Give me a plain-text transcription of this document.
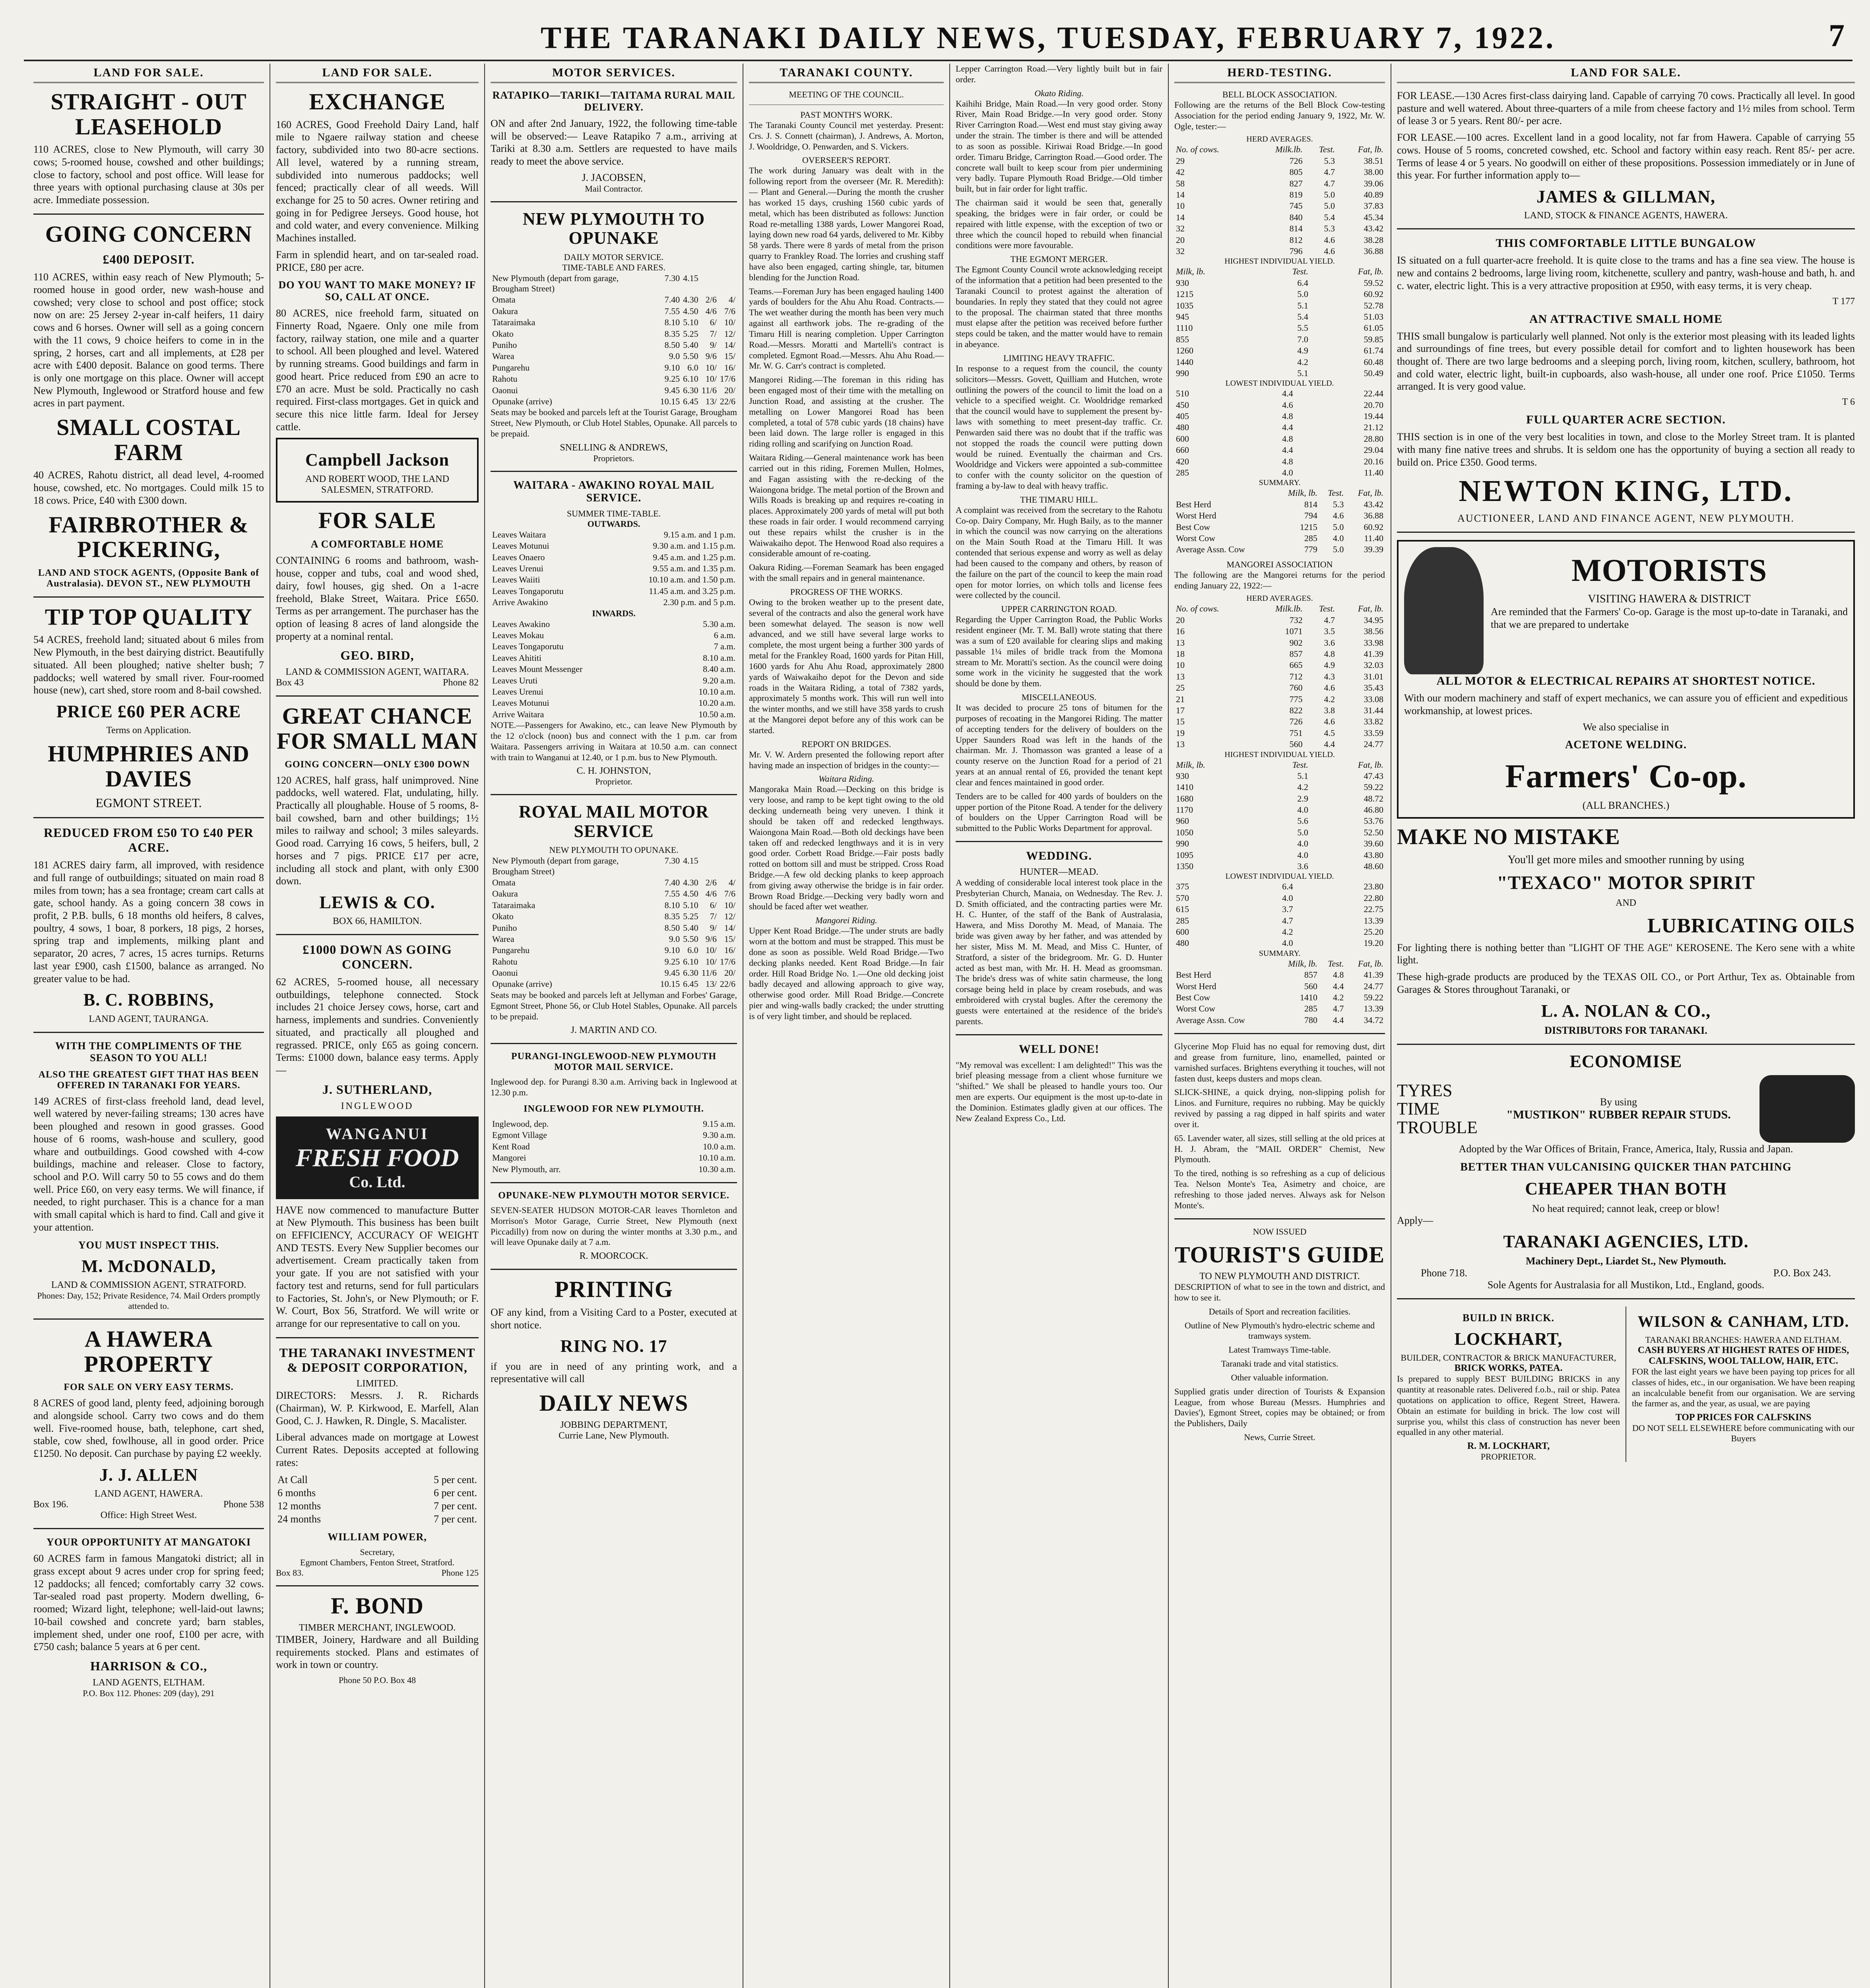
THE TARANAKI DAILY NEWS, TUESDAY, FEBRUARY 7, 1922.	7
LAND FOR SALE.
STRAIGHT - OUT LEASEHOLD

110 ACRES, close to New Plymouth, will carry 30 cows; 5-roomed house, cowshed and other buildings; close to factory, school and post office. Will lease for three years with optional purchasing clause at 30s per acre. Immediate possession.

GOING CONCERN
£400 DEPOSIT.

110 ACRES, within easy reach of New Plymouth; 5-roomed house in good order, new wash-house and cowshed; very close to school and post office; stock now on are: 25 Jersey 2-year in-calf heifers, 11 dairy cows and 6 horses. Owner will sell as a going concern with the 11 cows, 9 choice heifers to come in in the spring, 2 horses, cart and all implements, at £28 per acre with £400 deposit. Balance on good terms. There is only one mortgage on this place. Owner will accept New Plymouth, Inglewood or Stratford house and few acres in part payment.

SMALL COSTAL FARM

40 ACRES, Rahotu district, all dead level, 4-roomed house, cowshed, etc. No mortgages. Could milk 15 to 18 cows. Price, £40 with £300 down.

FAIRBROTHER & PICKERING,
LAND AND STOCK AGENTS, (Opposite Bank of Australasia). DEVON ST., NEW PLYMOUTH
TIP TOP QUALITY

54 ACRES, freehold land; situated about 6 miles from New Plymouth, in the best dairying district. Beautifully situated. All been ploughed; native shelter bush; 7 paddocks; well watered by small river. Four-roomed house (new), cart shed, store room and 8-bail cowshed.

PRICE £60 PER ACRE
Terms on Application.
HUMPHRIES AND DAVIES
EGMONT STREET.
REDUCED FROM £50 TO £40 PER ACRE.

181 ACRES dairy farm, all improved, with residence and full range of outbuildings; situated on main road 8 miles from town; has a sea frontage; cream cart calls at gate, school handy. As a going concern 38 cows in profit, 2 P.B. bulls, 6 18 months old heifers, 8 calves, poultry, 4 sows, 1 boar, 8 porkers, 18 pigs, 2 horses, spring trap and implements, milking plant and separator, 20 acres, 7 acres, 15 acres turnips. Returns last year £900, cash £1500, balance as arranged. No greater value to be had.

B. C. ROBBINS,
LAND AGENT, TAURANGA.
WITH THE COMPLIMENTS OF THE SEASON TO YOU ALL!
ALSO THE GREATEST GIFT THAT HAS BEEN OFFERED IN TARANAKI FOR YEARS.

149 ACRES of first-class freehold land, dead level, well watered by never-failing streams; 130 acres have been ploughed and resown in good grasses. Good house of 6 rooms, wash-house and scullery, good whare and outbuildings. Good cowshed with 4-cow buildings, machine and releaser. Close to factory, school and P.O. Will carry 50 to 55 cows and do them well. Price £60, on very easy terms. We will finance, if needed, to right purchaser. This is a chance for a man with small capital which is hard to find. Call and give it your attention.

YOU MUST INSPECT THIS.
M. McDONALD,
LAND & COMMISSION AGENT, STRATFORD.
Phones: Day, 152; Private Residence, 74. Mail Orders promptly attended to.
A HAWERA PROPERTY
FOR SALE ON VERY EASY TERMS.

8 ACRES of good land, plenty feed, adjoining borough and alongside school. Carry two cows and do them well. Five-roomed house, bath, telephone, cart shed, stable, cow shed, fowlhouse, all in good order. Price £1250. No deposit. Can purchase by paying £2 weekly.

J. J. ALLEN
LAND AGENT, HAWERA.
Box 196.	Phone 538
Office: High Street West.
YOUR OPPORTUNITY AT MANGATOKI

60 ACRES farm in famous Mangatoki district; all in grass except about 9 acres under crop for spring feed; 12 paddocks; all fenced; comfortably carry 32 cows. Tar-sealed road past property. Modern dwelling, 6-roomed; Wizard light, telephone; well-laid-out lawns; 10-bail cowshed and concrete yard; barn stables, implement shed, under one roof, £100 per acre, with £750 cash; balance 5 years at 6 per cent.

HARRISON & CO.,
LAND AGENTS, ELTHAM.
P.O. Box 112. Phones: 209 (day), 291
LAND FOR SALE.
EXCHANGE

160 ACRES, Good Freehold Dairy Land, half mile to Ngaere railway station and cheese factory, subdivided into two 80-acre sections. All level, watered by a running stream, subdivided into numerous paddocks; well fenced; practically clear of all weeds. Will exchange for 25 to 50 acres. Owner retiring and going in for Pedigree Jerseys. Good house, hot and cold water, and every convenience. Milking Machines installed.

Farm in splendid heart, and on tar-sealed road. PRICE, £80 per acre.

DO YOU WANT TO MAKE MONEY? IF SO, CALL AT ONCE.

80 ACRES, nice freehold farm, situated on Finnerty Road, Ngaere. Only one mile from factory, railway station, one mile and a quarter to school. All been ploughed and level. Watered by running streams. Good buildings and farm in good heart. Price reduced from £90 an acre to £70 an acre. Must be sold. Practically no cash required. First-class mortgages. Get in quick and secure this nice little farm. Ideal for Jersey cattle.

Campbell Jackson
AND ROBERT WOOD, THE LAND SALESMEN, STRATFORD.
FOR SALE
A COMFORTABLE HOME

CONTAINING 6 rooms and bathroom, wash-house, copper and tubs, coal and wood shed, dairy, fowl houses, gig shed. On a 1-acre freehold, Blake Street, Waitara. Price £650. Terms as per arrangement. The purchaser has the option of leasing 8 acres of land alongside the property at a nominal rental.

GEO. BIRD,
LAND & COMMISSION AGENT, WAITARA.
Box 43	Phone 82
GREAT CHANCE FOR SMALL MAN
GOING CONCERN—ONLY £300 DOWN

120 ACRES, half grass, half unimproved. Nine paddocks, well watered. Flat, undulating, hilly. Practically all ploughable. House of 5 rooms, 8-bail cowshed, barn and other buildings; 1½ miles to railway and school; 3 miles saleyards. Good road. Carrying 16 cows, 5 heifers, bull, 2 horses and 7 pigs. PRICE £17 per acre, including all stock and plant, with only £300 down.

LEWIS & CO.
BOX 66, HAMILTON.
£1000 DOWN AS GOING CONCERN.

62 ACRES, 5-roomed house, all necessary outbuildings, telephone connected. Stock includes 21 choice Jersey cows, horse, cart and harness, implements and sundries. Conveniently situated, and practically all ploughed and regrassed. PRICE, only £65 as going concern. Terms: £1000 down, balance easy terms. Apply—

J. SUTHERLAND,
INGLEWOOD
WANGANUI
FRESH FOOD
Co. Ltd.

HAVE now commenced to manufacture Butter at New Plymouth. This business has been built on EFFICIENCY, ACCURACY OF WEIGHT AND TESTS. Every New Supplier becomes our advertisement. Cream practically taken from your gate. If you are not satisfied with your factory test and returns, send for full particulars to Factories, St. John's, or New Plymouth; or F. W. Court, Box 56, Stratford. We will write or arrange for our representative to call on you.

THE TARANAKI INVESTMENT & DEPOSIT CORPORATION,
LIMITED.

DIRECTORS: Messrs. J. R. Richards (Chairman), W. P. Kirkwood, E. Marfell, Alan Good, C. J. Hawken, R. Dingle, S. Macalister.

Liberal advances made on mortgage at Lowest Current Rates. Deposits accepted at following rates:

At Call	5 per cent.
6 months	6 per cent.
12 months	7 per cent.
24 months	7 per cent.
WILLIAM POWER,
Secretary,
Egmont Chambers, Fenton Street, Stratford.
Box 83.	Phone 125
F. BOND
TIMBER MERCHANT, INGLEWOOD.

TIMBER, Joinery, Hardware and all Building requirements stocked. Plans and estimates of work in town or country.

Phone 50 P.O. Box 48
MOTOR SERVICES.
RATAPIKO—TARIKI—TAITAMA RURAL MAIL DELIVERY.

ON and after 2nd January, 1922, the following time-table will be observed:— Leave Ratapiko 7 a.m., arriving at Tariki at 8.30 a.m. Settlers are requested to have mails ready to meet the above service.

J. JACOBSEN,
Mail Contractor.
NEW PLYMOUTH TO OPUNAKE
DAILY MOTOR SERVICE.
TIME-TABLE AND FARES.
New Plymouth (depart from garage, Brougham Street)	7.30	4.15		
Omata	7.40	4.30	2/6	4/
Oakura	7.55	4.50	4/6	7/6
Tataraimaka	8.10	5.10	6/	10/
Okato	8.35	5.25	7/	12/
Puniho	8.50	5.40	9/	14/
Warea	9.0	5.50	9/6	15/
Pungarehu	9.10	6.0	10/	16/
Rahotu	9.25	6.10	10/	17/6
Oaonui	9.45	6.30	11/6	20/
Opunake (arrive)	10.15	6.45	13/	22/6

Seats may be booked and parcels left at the Tourist Garage, Brougham Street, New Plymouth, or Club Hotel Stables, Opunake. All parcels to be prepaid.

SNELLING & ANDREWS,
Proprietors.
WAITARA - AWAKINO ROYAL MAIL SERVICE.
SUMMER TIME-TABLE.
OUTWARDS.
Leaves Waitara	9.15 a.m. and 1 p.m.
Leaves Motunui	9.30 a.m. and 1.15 p.m.
Leaves Onaero	9.45 a.m. and 1.25 p.m.
Leaves Urenui	9.55 a.m. and 1.35 p.m.
Leaves Waiiti	10.10 a.m. and 1.50 p.m.
Leaves Tongaporutu	11.45 a.m. and 3.25 p.m.
Arrive Awakino	2.30 p.m. and 5 p.m.
INWARDS.
Leaves Awakino	5.30 a.m.
Leaves Mokau	6 a.m.
Leaves Tongaporutu	7 a.m.
Leaves Ahititi	8.10 a.m.
Leaves Mount Messenger	8.40 a.m.
Leaves Uruti	9.20 a.m.
Leaves Urenui	10.10 a.m.
Leaves Motunui	10.20 a.m.
Arrive Waitara	10.50 a.m.

NOTE.—Passengers for Awakino, etc., can leave New Plymouth by the 12 o'clock (noon) bus and connect with the 1 p.m. car from Waitara. Passengers arriving in Waitara at 10.50 a.m. can connect with train to Wanganui at 12.40, or 1 p.m. bus to New Plymouth.

C. H. JOHNSTON,
Proprietor.
ROYAL MAIL MOTOR SERVICE
NEW PLYMOUTH TO OPUNAKE.
New Plymouth (depart from garage, Brougham Street)	7.30	4.15		
Omata	7.40	4.30	2/6	4/
Oakura	7.55	4.50	4/6	7/6
Tataraimaka	8.10	5.10	6/	10/
Okato	8.35	5.25	7/	12/
Puniho	8.50	5.40	9/	14/
Warea	9.0	5.50	9/6	15/
Pungarehu	9.10	6.0	10/	16/
Rahotu	9.25	6.10	10/	17/6
Oaonui	9.45	6.30	11/6	20/
Opunake (arrive)	10.15	6.45	13/	22/6

Seats may be booked and parcels left at Jellyman and Forbes' Garage, Egmont Street, Phone 56, or Club Hotel Stables, Opunake. All parcels to be prepaid.

J. MARTIN AND CO.
PURANGI-INGLEWOOD-NEW PLYMOUTH MOTOR MAIL SERVICE.

Inglewood dep. for Purangi 8.30 a.m. Arriving back in Inglewood at 12.30 p.m.

INGLEWOOD FOR NEW PLYMOUTH.
Inglewood, dep.	9.15 a.m.
Egmont Village	9.30 a.m.
Kent Road	10.0 a.m.
Mangorei	10.10 a.m.
New Plymouth, arr.	10.30 a.m.
OPUNAKE-NEW PLYMOUTH MOTOR SERVICE.

SEVEN-SEATER HUDSON MOTOR-CAR leaves Thornleton and Morrison's Motor Garage, Currie Street, New Plymouth (next Piccadilly) from now on during the winter months at 3.30 p.m., and will leave Opunake daily at 7 a.m.

R. MOORCOCK.
PRINTING

OF any kind, from a Visiting Card to a Poster, executed at short notice.

RING NO. 17

if you are in need of any printing work, and a representative will call

DAILY NEWS
JOBBING DEPARTMENT,
Currie Lane, New Plymouth.
TARANAKI COUNTY.
MEETING OF THE COUNCIL.
PAST MONTH'S WORK.

The Taranaki County Council met yesterday. Present: Crs. J. S. Connett (chairman), J. Andrews, A. Morton, J. Wooldridge, O. Penwarden, and S. Vickers.

OVERSEER'S REPORT.

The work during January was dealt with in the following report from the overseer (Mr. R. Meredith):— Plant and General.—During the month the crusher has worked 15 days, crushing 1560 cubic yards of metal, which has been distributed as follows: Junction Road re-metalling 1388 yards, Lower Mangorei Road, laying down new road 64 yards, delivered to Mr. Kibby 58 yards. There were 8 yards of metal from the prison quarry to Frankley Road. The lorries and crushing staff have also been engaged, carting shingle, tar, bitumen blending for the Junction Road.

Teams.—Foreman Jury has been engaged hauling 1400 yards of boulders for the Ahu Ahu Road. Contracts.—The wet weather during the month has been very much against all earthwork jobs. The re-grading of the Timaru Hill is nearing completion. Upper Carrington Road.—Messrs. Moratti and Martelli's contract is completed. Egmont Road.—Messrs. Ahu Ahu Road.—Mr. W. G. Carr's contract is completed.

Mangorei Riding.—The foreman in this riding has been engaged most of their time with the metalling on Junction Road, and assisting at the crusher. The metalling on Lower Mangorei Road has been completed, a total of 578 cubic yards (18 chains) have been laid down. The large roller is engaged in this riding rolling and scarifying on Junction Road.

Waitara Riding.—General maintenance work has been carried out in this riding, Foremen Mullen, Holmes, and Fagan assisting with the re-decking of the Waiongona bridge. The metal portion of the Brown and Wills Roads is breaking up and requires re-coating in places. Approximately 200 yards of metal will put both these roads in fair order. I would recommend carrying out these repairs whilst the crusher is in the Waiwakaiho depot. The Henwood Road also requires a considerable amount of re-coating.

Oakura Riding.—Foreman Seamark has been engaged with the small repairs and in general maintenance.

PROGRESS OF THE WORKS.

Owing to the broken weather up to the present date, several of the contracts and also the general work have been somewhat delayed. The season is now well advanced, and we still have several large works to complete, the most urgent being a further 300 yards of metal for the Frankley Road, 1600 yards for Pitan Hill, 1600 yards for Ahu Ahu Road, approximately 2800 yards of Waiwakaiho depot for the Devon and side roads in the Waitara Riding, a total of 7382 yards, approximately 5 months work. This will run well into the winter months, and we still have 358 yards to crush at the Mangorei depot before any of this work can be started.

REPORT ON BRIDGES.

Mr. V. W. Ardern presented the following report after having made an inspection of bridges in the county:—

Waitara Riding.

Mangoraka Main Road.—Decking on this bridge is very loose, and ramp to be kept tight owing to the old decking underneath being very uneven. I think it should be taken off and redecked lengthways. Waiongona Main Road.—Both old deckings have been taken off and redecked lengthways and it is in very good order. Corbett Road Bridge.—Fair posts badly rotted on bottom sill and must be stripped. Cross Road Bridge.—A few old decking planks to keep approach from giving away otherwise the bridge is in fair order. Brown Road Bridge.—Decking very badly worn and should be faced after wet weather.

Mangorei Riding.

Upper Kent Road Bridge.—The under struts are badly worn at the bottom and must be strapped. This must be done as soon as possible. Weld Road Bridge.—Two decking planks needed. Kent Road Bridge.—In fair order. Hill Road Bridge No. 1.—One old decking joist badly decayed and allowing approach to give way, otherwise good order. Mill Road Bridge.—Concrete pier and wing-walls badly cracked; the under strutting is of very light timber, and should be replaced.

Lepper Carrington Road.—Very lightly built but in fair order.

Okato Riding.

Kaihihi Bridge, Main Road.—In very good order. Stony River, Main Road Bridge.—In very good order. Stony River Carrington Road.—West end must stay giving away under the strain. The timber is there and will be attended to as soon as possible. Kiriwai Road Bridge.—In good order. Timaru Bridge, Carrington Road.—Good order. The concrete wall built to keep scour from pier undermining very badly. Tupare Plymouth Road Bridge.—Old timber built, but in fair order for light traffic.

The chairman said it would be seen that, generally speaking, the bridges were in fair order, or could be repaired with little expense, with the exception of two or three which the council hoped to rebuild when financial conditions were more favourable.

THE EGMONT MERGER.

The Egmont County Council wrote acknowledging receipt of the information that a petition had been presented to the Taranaki Council to protest against the alteration of boundaries. In reply they stated that they could not agree to the proposal. The chairman stated that three months must elapse after the petition was received before further steps could be taken, and the matter would have to remain in abeyance.

LIMITING HEAVY TRAFFIC.

In response to a request from the council, the county solicitors—Messrs. Govett, Quilliam and Hutchen, wrote outlining the powers of the council to limit the load on a vehicle to a specified weight. Cr. Wooldridge remarked that the council would have to supplement the present by-laws with something to meet present-day traffic. Cr. Penwarden said there was no doubt that if the traffic was not stopped the roads the council were putting down would be ruined. Eventually the chairman and Crs. Wooldridge and Vickers were appointed a sub-committee to confer with the county solicitor on the question of framing a by-law to deal with heavy traffic.

THE TIMARU HILL.

A complaint was received from the secretary to the Rahotu Co-op. Dairy Company, Mr. Hugh Baily, as to the manner in which the council was now carrying on the alterations on the Main South Road at the Timaru Hill. It was contended that serious expense and worry as well as delay had been caused to the company and others, by reason of the failure on the part of the council to keep the main road open for motor lorries, on which tolls and license fees were collected by the council.

UPPER CARRINGTON ROAD.

Regarding the Upper Carrington Road, the Public Works resident engineer (Mr. T. M. Ball) wrote stating that there was a sum of £20 available for clearing slips and making passable 1¼ miles of bridle track from the Momona stream to Mr. Moratti's section. As the council were doing some work in the vicinity he suggested that the work should be done by them.

MISCELLANEOUS.

It was decided to procure 25 tons of bitumen for the purposes of recoating in the Mangorei Riding. The matter of accepting tenders for the delivery of boulders on the Upper Saunders Road was left in the hands of the chairman. Mr. J. Thomasson was granted a lease of a county reserve on the Junction Road for a period of 21 years at an annual rental of £6, provided the tenant kept clear and fences maintained in good order.

Tenders are to be called for 400 yards of boulders on the upper portion of the Pitone Road. A tender for the delivery of boulders on the Upper Carrington Road will be submitted to the Public Works Department for approval.

WEDDING.
HUNTER—MEAD.

A wedding of considerable local interest took place in the Presbyterian Church, Manaia, on Wednesday. The Rev. J. D. Smith officiated, and the contracting parties were Mr. H. C. Hunter, of the staff of the Bank of Australasia, Hawera, and Miss Dorothy M. Mead, of Manaia. The bride was given away by her father, and was attended by her sister, Miss M. M. Mead, and Miss C. Hunter, of Stratford, a sister of the bridegroom. Mr. G. D. Hunter acted as best man, with Mr. H. H. Mead as groomsman. The bride's dress was of white satin charmeuse, the long corsage being held in place by cream rosebuds, and was embroidered with crystal bugles. After the ceremony the guests were entertained at the residence of the bride's parents.

WELL DONE!

"My removal was excellent: I am delighted!" This was the brief pleasing message from a client whose furniture we "shifted." We shall be pleased to handle yours too. Our men are experts. Our equipment is the most up-to-date in the Dominion. Estimates gladly given at our offices. The New Zealand Express Co., Ltd.

HERD-TESTING.
BELL BLOCK ASSOCIATION.

Following are the returns of the Bell Block Cow-testing Association for the period ending January 9, 1922, Mr. W. Ogle, tester:—

HERD AVERAGES.
No. of cows.	Milk.lb.	Test.	Fat, lb.
29	726	5.3	38.51
42	805	4.7	38.00
58	827	4.7	39.06
14	819	5.0	40.89
10	745	5.0	37.83
14	840	5.4	45.34
32	814	5.3	43.42
20	812	4.6	38.28
32	796	4.6	36.88
HIGHEST INDIVIDUAL YIELD.
Milk, lb.	Test.	Fat, lb.
930	6.4	59.52
1215	5.0	60.92
1035	5.1	52.78
945	5.4	51.03
1110	5.5	61.05
855	7.0	59.85
1260	4.9	61.74
1440	4.2	60.48
990	5.1	50.49
LOWEST INDIVIDUAL YIELD.
510	4.4	22.44
450	4.6	20.70
405	4.8	19.44
480	4.4	21.12
600	4.8	28.80
660	4.4	29.04
420	4.8	20.16
285	4.0	11.40
SUMMARY.
	Milk, lb.	Test.	Fat, lb.
Best Herd	814	5.3	43.42
Worst Herd	794	4.6	36.88
Best Cow	1215	5.0	60.92
Worst Cow	285	4.0	11.40
Average Assn. Cow	779	5.0	39.39
MANGOREI ASSOCIATION

The following are the Mangorei returns for the period ending January 22, 1922:—

HERD AVERAGES.
No. of cows.	Milk.lb.	Test.	Fat, lb.
20	732	4.7	34.95
16	1071	3.5	38.56
13	902	3.6	33.98
18	857	4.8	41.39
10	665	4.9	32.03
13	712	4.3	31.01
25	760	4.6	35.43
21	775	4.2	33.08
17	822	3.8	31.44
15	726	4.6	33.82
19	751	4.5	33.59
13	560	4.4	24.77
HIGHEST INDIVIDUAL YIELD.
Milk, lb.	Test.	Fat, lb.
930	5.1	47.43
1410	4.2	59.22
1680	2.9	48.72
1170	4.0	46.80
960	5.6	53.76
1050	5.0	52.50
990	4.0	39.60
1095	4.0	43.80
1350	3.6	48.60
LOWEST INDIVIDUAL YIELD.
375	6.4	23.80
570	4.0	22.80
615	3.7	22.75
285	4.7	13.39
600	4.2	25.20
480	4.0	19.20
SUMMARY.
	Milk, lb.	Test.	Fat, lb.
Best Herd	857	4.8	41.39
Worst Herd	560	4.4	24.77
Best Cow	1410	4.2	59.22
Worst Cow	285	4.7	13.39
Average Assn. Cow	780	4.4	34.72

Glycerine Mop Fluid has no equal for removing dust, dirt and grease from furniture, lino, enamelled, painted or varnished surfaces. Brightens everything it touches, will not fasten dust, keeps dusters and mops clean.

SLICK-SHINE, a quick drying, non-slipping polish for Linos. and Furniture, requires no rubbing. May be quickly revived by passing a rag dipped in half spirits and water over it.

65. Lavender water, all sizes, still selling at the old prices at H. J. Abram, the "MAIL ORDER" Chemist, New Plymouth.

To the tired, nothing is so refreshing as a cup of delicious Tea. Nelson Monte's Tea, Asimetry and choice, are refreshing to those jaded nerves. Always ask for Nelson Monte's.

NOW ISSUED
TOURIST'S GUIDE
TO NEW PLYMOUTH AND DISTRICT.

DESCRIPTION of what to see in the town and district, and how to see it.

Details of Sport and recreation facilities.

Outline of New Plymouth's hydro-electric scheme and tramways system.

Latest Tramways Time-table.

Taranaki trade and vital statistics.

Other valuable information.

Supplied gratis under direction of Tourists & Expansion League, from whose Bureau (Messrs. Humphries and Davies'), Egmont Street, copies may be obtained; or from the Publishers, Daily

News, Currie Street.
LAND FOR SALE.

FOR LEASE.—130 Acres first-class dairying land. Capable of carrying 70 cows. Practically all level. In good pasture and well watered. About three-quarters of a mile from cheese factory and 1½ miles from school. Term of lease 3 or 5 years. Rent 80/- per acre.

FOR LEASE.—100 acres. Excellent land in a good locality, not far from Hawera. Capable of carrying 55 cows. House of 5 rooms, concreted cowshed, etc. School and factory within easy reach. Rent 85/- per acre. Terms of lease 4 or 5 years. No goodwill on either of these propositions. Possession immediately or in June of this year. For further information apply to—

JAMES & GILLMAN,
LAND, STOCK & FINANCE AGENTS, HAWERA.
THIS COMFORTABLE LITTLE BUNGALOW

IS situated on a full quarter-acre freehold. It is quite close to the trams and has a fine sea view. The house is new and contains 2 bedrooms, large living room, kitchenette, scullery and pantry, wash-house and bath, h. and c. water, electric light. This is a very attractive proposition at £950, with easy terms, it is very cheap.

T 177
AN ATTRACTIVE SMALL HOME

THIS small bungalow is particularly well planned. Not only is the exterior most pleasing with its leaded lights and surroundings of fine trees, but every possible detail for comfort and to lighten housework has been thought of. There are two large bedrooms and a sleeping porch, living room, kitchen, scullery, bathroom, hot and cold water, electric light, built-in cupboards, also wash-house, all under one roof. Price £1050. Terms arranged. It is very good value.

T 6
FULL QUARTER ACRE SECTION.

THIS section is in one of the very best localities in town, and close to the Morley Street tram. It is planted with many fine native trees and shrubs. It is seldom one has the opportunity of buying a section all ready to build on. Price £350. Good terms.

NEWTON KING, LTD.
AUCTIONEER, LAND AND FINANCE AGENT, NEW PLYMOUTH.
MOTORISTS
VISITING HAWERA & DISTRICT

Are reminded that the Farmers' Co-op. Garage is the most up-to-date in Taranaki, and that we are prepared to undertake

ALL MOTOR & ELECTRICAL REPAIRS AT SHORTEST NOTICE.

With our modern machinery and staff of expert mechanics, we can assure you of efficient and expeditious workmanship, at lowest prices.

We also specialise in
ACETONE WELDING.
Farmers' Co-op.
(ALL BRANCHES.)
MAKE NO MISTAKE
You'll get more miles and smoother running by using
"TEXACO" MOTOR SPIRIT
AND
LUBRICATING OILS

For lighting there is nothing better than "LIGHT OF THE AGE" KEROSENE. The Kero sene with a white light.

These high-grade products are produced by the TEXAS OIL CO., or Port Arthur, Tex as. Obtainable from Garages & Stores throughout Taranaki, or

L. A. NOLAN & CO.,
DISTRIBUTORS FOR TARANAKI.
ECONOMISE
TYRES
TIME
TROUBLE
By using
"MUSTIKON" RUBBER REPAIR STUDS.

Adopted by the War Offices of Britain, France, America, Italy, Russia and Japan.

BETTER THAN VULCANISING QUICKER THAN PATCHING
CHEAPER THAN BOTH
No heat required; cannot leak, creep or blow!
Apply—
TARANAKI AGENCIES, LTD.
Machinery Dept., Liardet St., New Plymouth.
Phone 718.	P.O. Box 243.
Sole Agents for Australasia for all Mustikon, Ltd., England, goods.
BUILD IN BRICK.
LOCKHART,
BUILDER, CONTRACTOR & BRICK MANUFACTURER,
BRICK WORKS, PATEA.

Is prepared to supply BEST BUILDING BRICKS in any quantity at reasonable rates. Delivered f.o.b., rail or ship. Patea quotations on application to office, Regent Street, Hawera. Obtain an estimate for building in brick. The low cost will surprise you, whilst this class of construction has never been equalled in any other material.

R. M. LOCKHART,
PROPRIETOR.
WILSON & CANHAM, LTD.
TARANAKI BRANCHES: HAWERA AND ELTHAM.
CASH BUYERS AT HIGHEST RATES OF HIDES, CALFSKINS, WOOL TALLOW, HAIR, ETC.

FOR the last eight years we have been paying top prices for all classes of hides, etc., in our organisation. We have been reaping an incalculable benefit from our organisation. We are serving the farmer as, and the year, as usual, we are paying

TOP PRICES FOR CALFSKINS
DO NOT SELL ELSEWHERE before communicating with our Buyers
